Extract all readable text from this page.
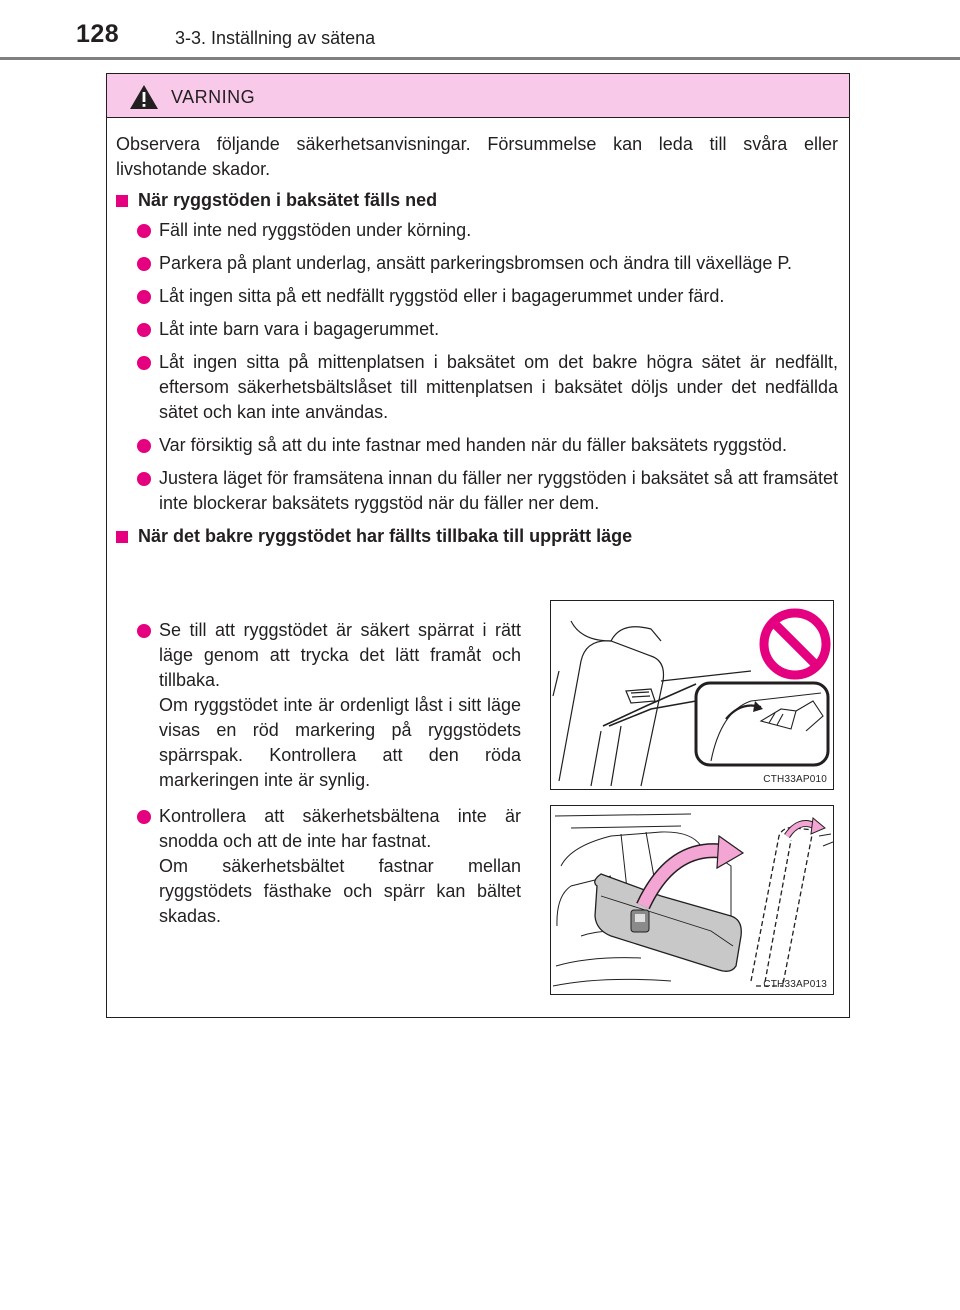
128	3-3. Inställning av sätena
VARNING

Observera följande säkerhetsanvisningar. Försummelse kan leda till svåra eller livshotande skador.

När ryggstöden i baksätet fälls ned
Fäll inte ned ryggstöden under körning.
Parkera på plant underlag, ansätt parkeringsbromsen och ändra till växelläge P.
Låt ingen sitta på ett nedfällt ryggstöd eller i bagagerummet under färd.
Låt inte barn vara i bagagerummet.
Låt ingen sitta på mittenplatsen i baksätet om det bakre högra sätet är nedfällt, eftersom säkerhetsbältslåset till mittenplatsen i baksätet döljs under det nedfällda sätet och kan inte användas.
Var försiktig så att du inte fastnar med handen när du fäller baksätets ryggstöd.
Justera läget för framsätena innan du fäller ner ryggstöden i baksätet så att framsätet inte blockerar baksätets ryggstöd när du fäller ner dem.
När det bakre ryggstödet har fällts tillbaka till upprätt läge
Se till att ryggstödet är säkert spärrat i rätt läge genom att trycka det lätt framåt och tillbaka.
Om ryggstödet inte är ordenligt låst i sitt läge visas en röd markering på ryggstödets spärrspak. Kontrollera att den röda markeringen inte är synlig.	CTH33AP010
Kontrollera att säkerhetsbältena inte är snodda och att de inte har fastnat.
Om säkerhetsbältet fastnar mellan ryggstödets fästhake och spärr kan bältet skadas.
CTH33AP013
